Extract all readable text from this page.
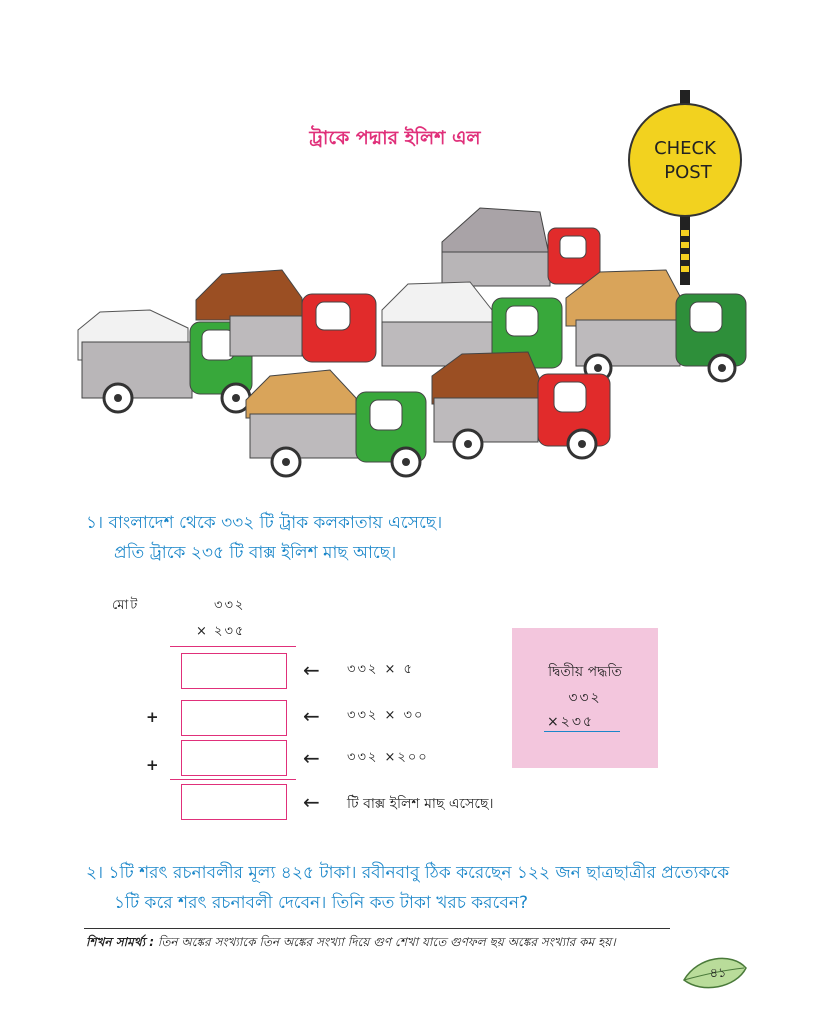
ট্রাকে পদ্মার ইলিশ এল	CHECK
POST
১। বাংলাদেশ থেকে ৩৩২ টি ট্রাক কলকাতায় এসেছে।
প্রতি ট্রাকে ২৩৫ টি বাক্স ইলিশ মাছ আছে।
মোট	৩৩২
× ২৩৫
← ৩৩২ × ৫
+	← ৩৩২ × ৩০
+	← ৩৩২ ×২০০
← টি বাক্স ইলিশ মাছ এসেছে।
দ্বিতীয় পদ্ধতি
৩৩২
×২৩৫
২। ১টি শরৎ রচনাবলীর মূল্য ৪২৫ টাকা। রবীনবাবু ঠিক করেছেন ১২২ জন ছাত্রছাত্রীর প্রত্যেককে
১টি করে শরৎ রচনাবলী দেবেন। তিনি কত টাকা খরচ করবেন?
শিখন সামর্থ্য : তিন অঙ্কের সংখ্যাকে তিন অঙ্কের সংখ্যা দিয়ে গুণ শেখা যাতে গুণফল ছয় অঙ্কের সংখ্যার কম হয়।
৪১
